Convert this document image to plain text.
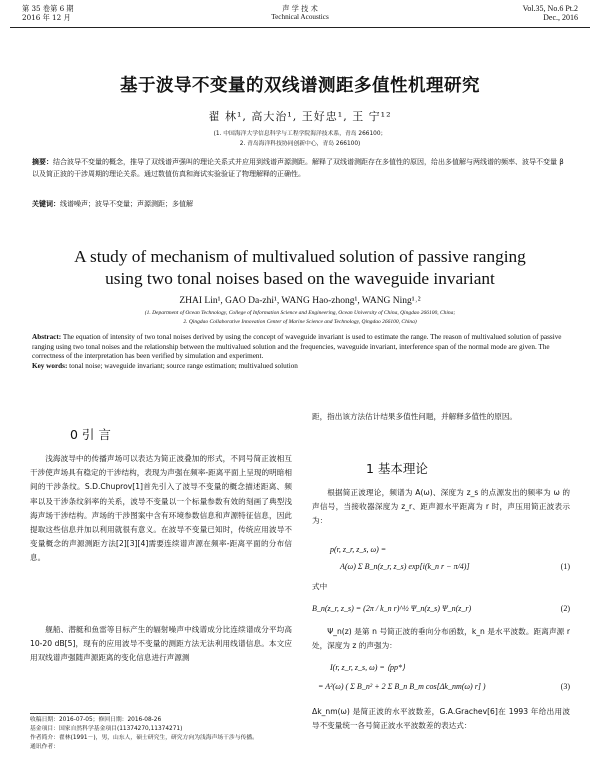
第 35 卷第 6 期
2016 年 12 月
声 学 技 术
Technical Acoustics
Vol.35, No.6 Pt.2
Dec., 2016
基于波导不变量的双线谱测距多值性机理研究
翟 林¹, 高大治¹, 王好忠¹, 王 宁¹²
(1. 中国海洋大学信息科学与工程学院海洋技术系，青岛 266100；
2. 青岛海洋科技协同创新中心，青岛 266100)
摘要：结合波导不变量的概念，推导了双线谱声强叫的理论关系式并应用到线谱声源测距。解释了双线谱测距存在多值性的原因，给出多值解与两线谱的频率、波导不变量 β 以及简正波的干涉周期的理论关系。通过数值仿真和海试实验验证了物理解释的正确性。
关键词：线谱噪声；波导不变量；声源测距；多值解
A study of mechanism of multivalued solution of passive ranging
using two tonal noises based on the waveguide invariant
ZHAI Lin¹, GAO Da-zhi¹, WANG Hao-zhong¹, WANG Ning¹˒²
(1. Department of Ocean Technology, College of Information Science and Engineering, Ocean University of China, Qingdao 266100, China;
2. Qingdao Collaborative Innovation Center of Marine Science and Technology, Qingdao 266100, China)
Abstract: The equation of intensity of two tonal noises derived by using the concept of waveguide invariant is used to estimate the range. The reason of multivalued solution of passive ranging using two tonal noises and the relationship between the multivalued solution and the frequencies, waveguide invariant, interference span of the normal mode are given. The correctness of the interpretation has been verified by simulation and experiment.
Key words: tonal noise; waveguide invariant; source range estimation; multivalued solution
0 引 言
浅海波导中的传播声场可以表达为简正波叠加的形式，不同号简正波相互干涉使声场具有稳定的干涉结构，表现为声强在频率-距离平面上呈现的明暗相间的干涉条纹。S.D.Chuprov[1]首先引入了波导不变量的概念描述距离、频率以及干涉条纹斜率的关系，波导不变量以一个标量参数有效的刻画了典型浅海声场干涉结构。声场的干涉图案中含有环境参数信息和声源特征信息，因此提取这些信息并加以利用就很有意义。在波导不变量已知时，传统应用波导不变量概念的声源测距方法[2][3][4]需要连续谱声源在频率-距离平面的分布信息。
舰船、潜艇和鱼雷等目标产生的辐射噪声中线谱成分比连续谱成分平均高 10-20 dB[5]，现有的应用波导不变量的测距方法无法利用线谱信息。本文应用双线谱声强随声源距离的变化信息进行声源测
收稿日期：2016-07-05；修回日期：2016-08-26
基金项目：国家自然科学基金项目(11374270,11374271)
作者简介：翟林(1991－)，男，山东人，硕士研究生，研究方向为浅海声场干涉与传播。
通讯作者：
距，指出该方法估计结果多值性问题，并解释多值性的原因。
1 基本理论
根据简正波理论，频谱为 A(ω)、深度为 z_s 的点源发出的频率为 ω 的声信号，当接收器深度为 z_r、距声源水平距离为 r 时，声压用简正波表示为：
p(r, z_r, z_s, ω) =
A(ω) Σ B_n(z_r, z_s) exp[i(k_n r − π/4)]	(1)
式中
B_n(z_r, z_s) = (2π / k_n r)^½ Ψ_n(z_s) Ψ_n(z_r)	(2)
Ψ_n(z) 是第 n 号简正波的垂向分布函数，k_n 是水平波数。距离声源 r 处，深度为 z 的声强为：
I(r, z_r, z_s, ω) = ⟨pp*⟩
= A²(ω) ( Σ B_n² + 2 Σ B_n B_m cos[Δk_nm(ω) r] )	(3)
Δk_nm(ω) 是简正波的水平波数差，G.A.Grachev[6]在 1993 年给出用波导不变量统一各号简正波水平波数差的表达式：
